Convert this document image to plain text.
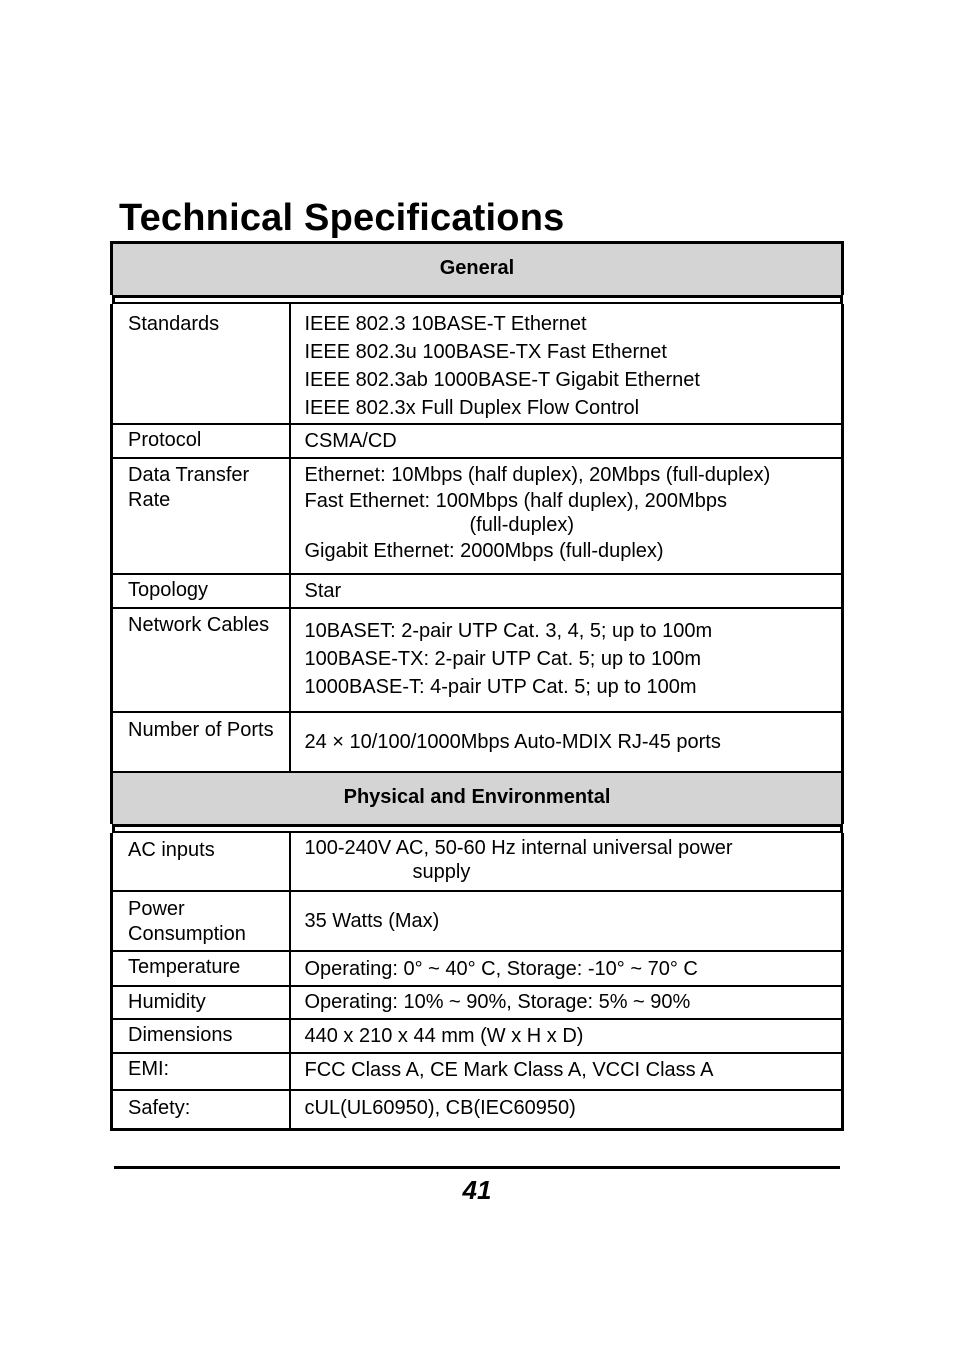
Technical Specifications
General	

Standards	IEEE 802.3 10BASE-T Ethernet
IEEE 802.3u 100BASE-TX Fast Ethernet
IEEE 802.3ab 1000BASE-T Gigabit Ethernet
IEEE 802.3x Full Duplex Flow Control

Protocol	CSMA/CD

Data Transfer Rate	Ethernet: 10Mbps (half duplex), 20Mbps (full-duplex)
Fast Ethernet: 100Mbps (half duplex), 200Mbps
(full-duplex)
Gigabit Ethernet: 2000Mbps (full-duplex)

Topology	Star

Network Cables	10BASET: 2-pair UTP Cat. 3, 4, 5; up to 100m
100BASE-TX: 2-pair UTP Cat. 5; up to 100m
1000BASE-T: 4-pair UTP Cat. 5; up to 100m

Number of Ports	24 × 10/100/1000Mbps Auto-MDIX RJ-45 ports

Physical and Environmental	

AC inputs	100-240V AC, 50-60 Hz internal universal power
supply

Power Consumption	35 Watts (Max)

Temperature	Operating: 0° ~ 40° C, Storage: -10° ~ 70° C

Humidity	Operating: 10% ~ 90%, Storage: 5% ~ 90%

Dimensions	440 x 210 x 44 mm (W x H x D)

EMI:	FCC Class A, CE Mark Class A, VCCI Class A

Safety:	cUL(UL60950), CB(IEC60950)
41
